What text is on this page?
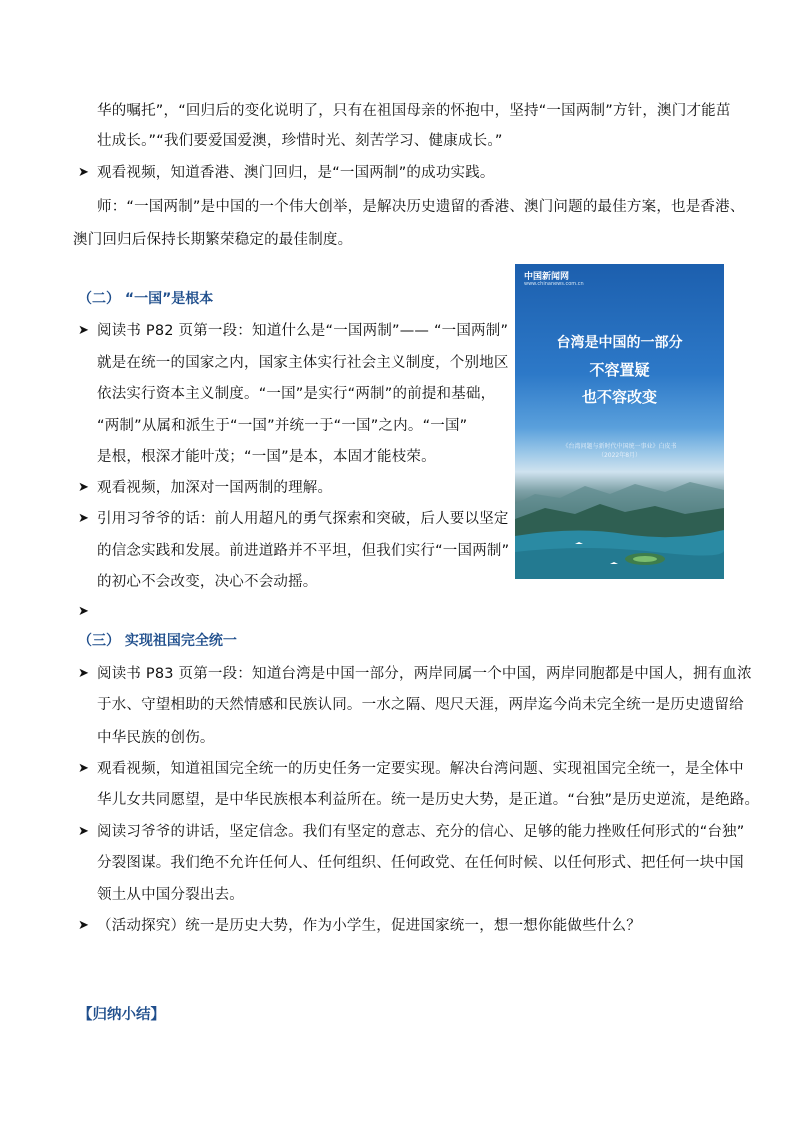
华的嘱托”，“回归后的变化说明了，只有在祖国母亲的怀抱中，坚持“一国两制”方针，澳门才能茁
壮成长。”“我们要爱国爱澳，珍惜时光、刻苦学习、健康成长。”
➤ 观看视频，知道香港、澳门回归，是“一国两制”的成功实践。
师：“一国两制”是中国的一个伟大创举，是解决历史遗留的香港、澳门问题的最佳方案，也是香港、
澳门回归后保持长期繁荣稳定的最佳制度。
（二） “一国”是根本
➤ 阅读书 P82 页第一段：知道什么是“一国两制”—— “一国两制”
就是在统一的国家之内，国家主体实行社会主义制度，个别地区
依法实行资本主义制度。“一国”是实行“两制”的前提和基础，
“两制”从属和派生于“一国”并统一于“一国”之内。“一国”
是根，根深才能叶茂；“一国”是本，本固才能枝荣。
➤ 观看视频，加深对一国两制的理解。
➤ 引用习爷爷的话：前人用超凡的勇气探索和突破，后人要以坚定
的信念实践和发展。前进道路并不平坦，但我们实行“一国两制”
的初心不会改变，决心不会动摇。
➤
中国新闻网
www.chinanews.com.cn
台湾是中国的一部分
不容置疑
也不容改变
《台湾问题与新时代中国统一事业》白皮书
（2022年8月）
（三） 实现祖国完全统一
➤ 阅读书 P83 页第一段：知道台湾是中国一部分，两岸同属一个中国，两岸同胞都是中国人，拥有血浓
于水、守望相助的天然情感和民族认同。一水之隔、咫尺天涯，两岸迄今尚未完全统一是历史遗留给
中华民族的创伤。
➤ 观看视频，知道祖国完全统一的历史任务一定要实现。解决台湾问题、实现祖国完全统一，是全体中
华儿女共同愿望，是中华民族根本利益所在。统一是历史大势，是正道。“台独”是历史逆流，是绝路。
➤ 阅读习爷爷的讲话，坚定信念。我们有坚定的意志、充分的信心、足够的能力挫败任何形式的“台独”
分裂图谋。我们绝不允许任何人、任何组织、任何政党、在任何时候、以任何形式、把任何一块中国
领土从中国分裂出去。
➤ （活动探究）统一是历史大势，作为小学生，促进国家统一，想一想你能做些什么？
【归纳小结】
